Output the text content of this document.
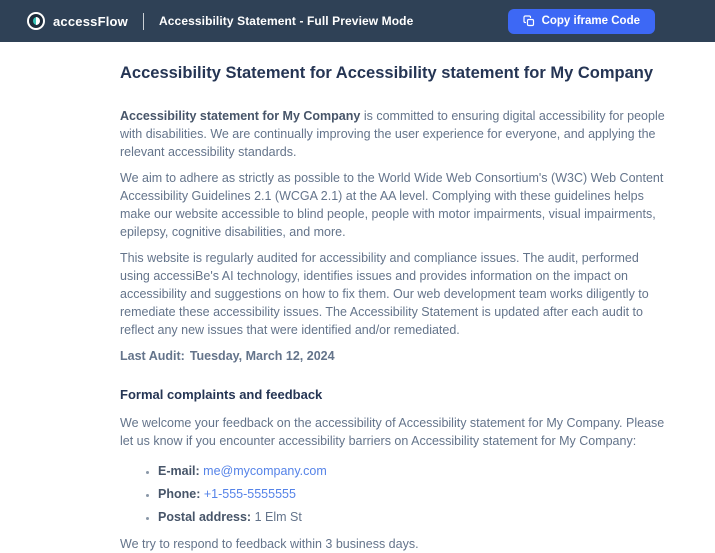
accessFlow	Accessibility Statement - Full Preview Mode	Copy iframe Code
Accessibility Statement for Accessibility statement for My Company

Accessibility statement for My Company is committed to ensuring digital accessibility for people with disabilities. We are continually improving the user experience for everyone, and applying the relevant accessibility standards.

We aim to adhere as strictly as possible to the World Wide Web Consortium's (W3C) Web Content Accessibility Guidelines 2.1 (WCGA 2.1) at the AA level. Complying with these guidelines helps make our website accessible to blind people, people with motor impairments, visual impairments, epilepsy, cognitive disabilities, and more.

This website is regularly audited for accessibility and compliance issues. The audit, performed using accessiBe's AI technology, identifies issues and provides information on the impact on accessibility and suggestions on how to fix them. Our web development team works diligently to remediate these accessibility issues. The Accessibility Statement is updated after each audit to reflect any new issues that were identified and/or remediated.

Last Audit: Tuesday, March 12, 2024

Formal complaints and feedback

We welcome your feedback on the accessibility of Accessibility statement for My Company. Please let us know if you encounter accessibility barriers on Accessibility statement for My Company:

• E-mail: me@mycompany.com
• Phone: +1-555-5555555
• Postal address: 1 Elm St

We try to respond to feedback within 3 business days.
